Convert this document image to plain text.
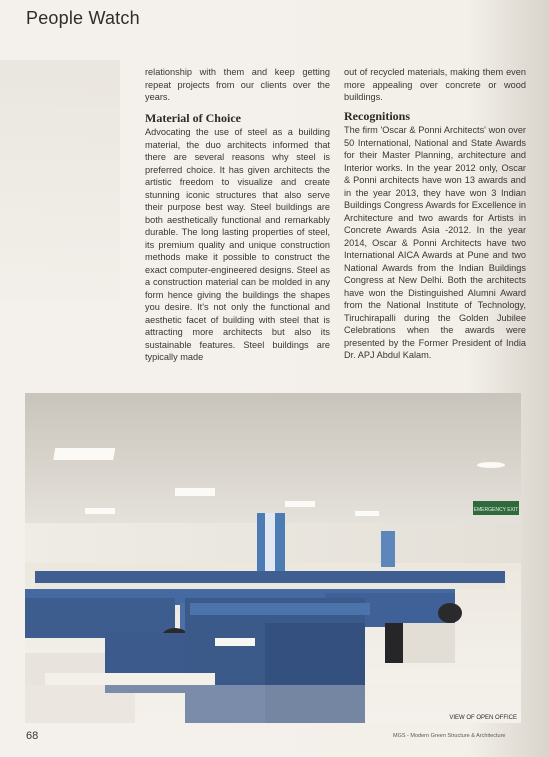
People Watch

relationship with them and keep getting repeat projects from our clients over the years.

Material of Choice

Advocating the use of steel as a building material, the duo architects informed that there are several reasons why steel is preferred choice. It has given architects the artistic freedom to visualize and create stunning iconic structures that also serve their purpose best way. Steel buildings are both aesthetically functional and remarkably durable. The long lasting properties of steel, its premium quality and unique construction methods make it possible to construct the exact computer-engineered designs. Steel as a construction material can be molded in any form hence giving the buildings the shapes you desire. It's not only the functional and aesthetic facet of building with steel that is attracting more architects but also its sustainable features. Steel buildings are typically made

out of recycled materials, making them even more appealing over concrete or wood buildings.

Recognitions

The firm 'Oscar & Ponni Architects' won over 50 International, National and State Awards for their Master Planning, architecture and Interior works. In the year 2012 only, Oscar & Ponni architects have won 13 awards and in the year 2013, they have won 3 Indian Buildings Congress Awards for Excellence in Architecture and two awards for Artists in Concrete Awards Asia -2012. In the year 2014, Oscar & Ponni Architects have two International AICA Awards at Pune and two National Awards from the Indian Buildings Congress at New Delhi. Both the architects have won the Distinguished Alumni Award from the National Institute of Technology, Tiruchirapalli during the Golden Jubilee Celebrations when the awards were presented by the Former President of India Dr. APJ Abdul Kalam.

EMERGENCY EXIT
VIEW OF OPEN OFFICE
68	MGS - Modern Green Structure & Architecture
